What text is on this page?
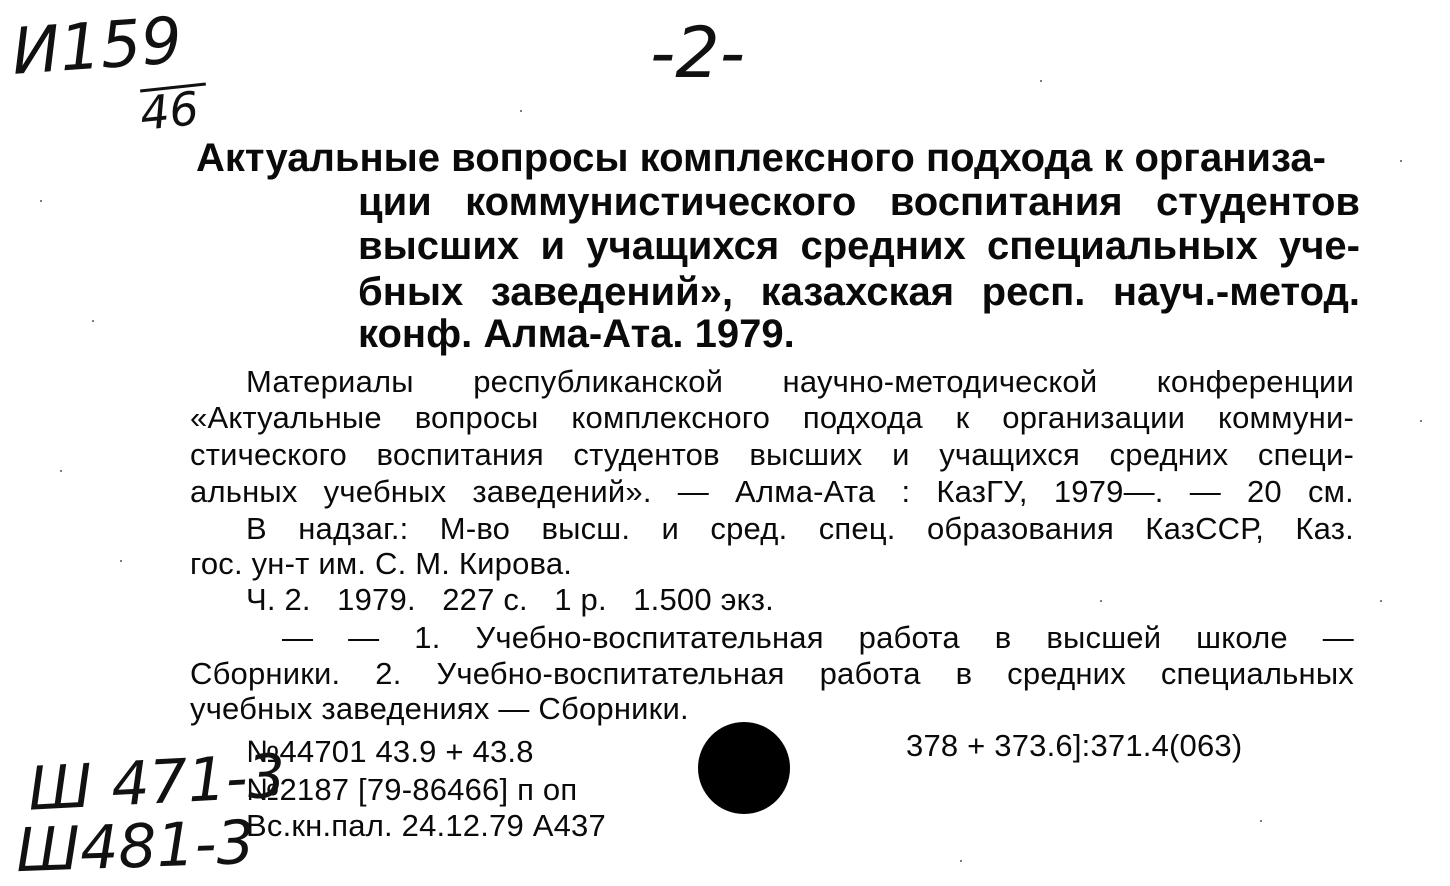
И159
46
-2-
Актуальные вопросы комплексного подхода к организа-
ции коммунистического воспитания студентов
высших и учащихся средних специальных уче-
бных заведений», казахская респ. науч.-метод.
конф. Алма-Ата. 1979.
Материалы республиканской научно-методической конференции
«Актуальные вопросы комплексного подхода к организации коммуни-
стического воспитания студентов высших и учащихся средних специ-
альных учебных заведений». — Алма-Ата : КазГУ, 1979—. — 20 см.
В надзаг.: М-во высш. и сред. спец. образования КазССР, Каз.
гос. ун-т им. С. М. Кирова.
Ч. 2.   1979.   227 с.   1 р.   1.500 экз.
— — 1. Учебно-воспитательная работа в высшей школе —
Сборники. 2. Учебно-воспитательная работа в средних специальных
учебных заведениях — Сборники.
№44701 43.9 + 43.8
№2187 [79-86466] п оп
Вс.кн.пал. 24.12.79 А437
378 + 373.6]:371.4(063)
Ш 471-3
Ш481-3
